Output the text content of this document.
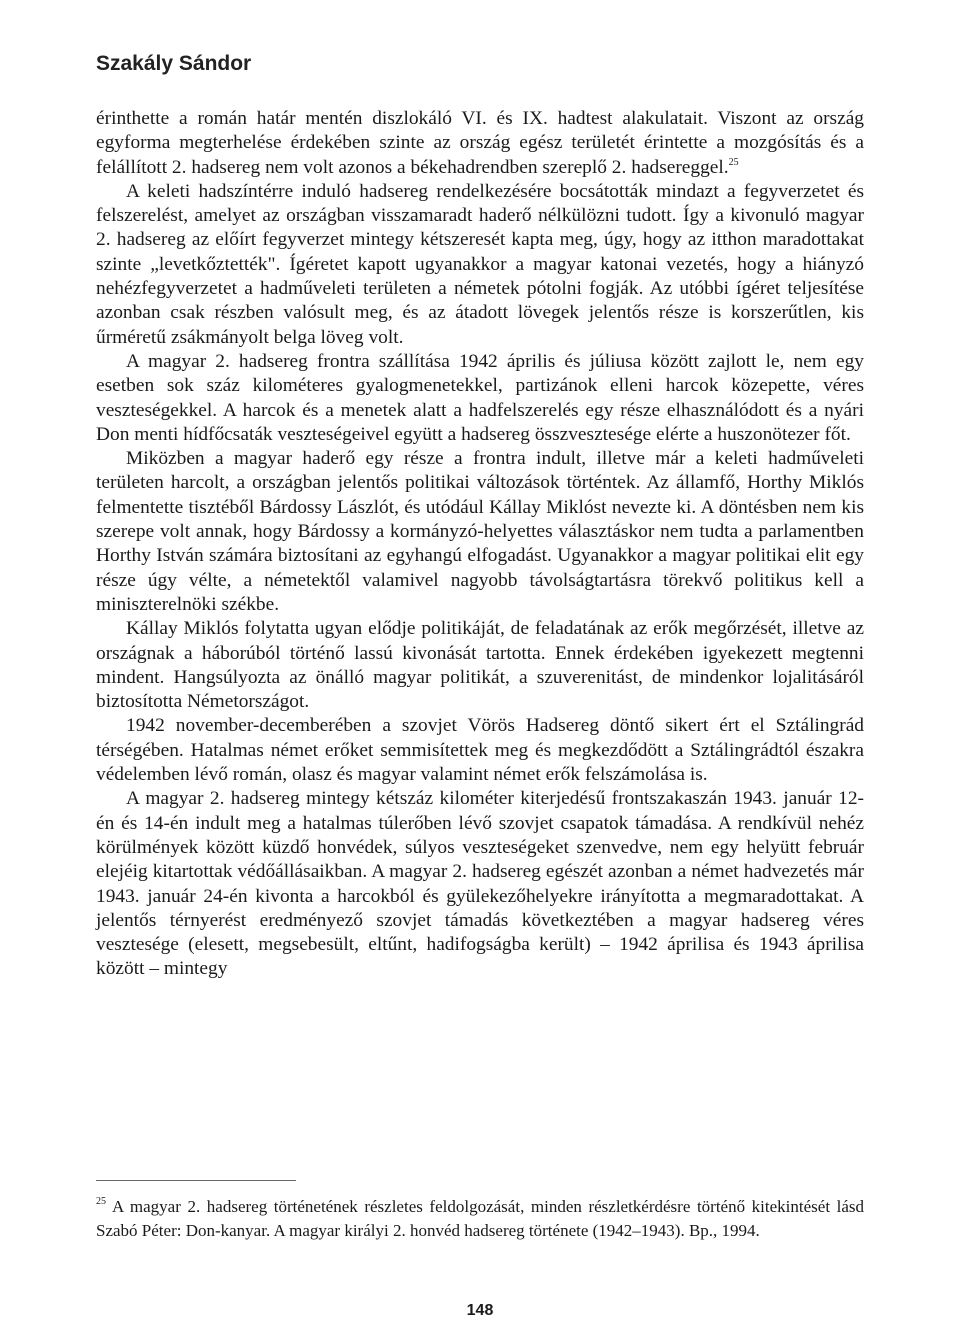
Szakály Sándor

érinthette a román határ mentén diszlokáló VI. és IX. hadtest alakulatait. Viszont az ország egyforma megterhelése érdekében szinte az ország egész területét érintette a mozgósítás és a felállított 2. hadsereg nem volt azonos a békehadrendben szereplő 2. hadsereggel.$^{25}$

A keleti hadszíntérre induló hadsereg rendelkezésére bocsátották mindazt a fegyverzetet és felszerelést, amelyet az országban visszamaradt haderő nélkülözni tudott. Így a kivonuló magyar 2. hadsereg az előírt fegyverzet mintegy kétszeresét kapta meg, úgy, hogy az itthon maradottakat szinte „levetkőztették". Ígéretet kapott ugyanakkor a magyar katonai vezetés, hogy a hiányzó nehézfegyverzetet a hadműveleti területen a németek pótolni fogják. Az utóbbi ígéret teljesítése azonban csak részben valósult meg, és az átadott lövegek jelentős része is korszerűtlen, kis űrméretű zsákmányolt belga löveg volt.

A magyar 2. hadsereg frontra szállítása 1942 április és júliusa között zajlott le, nem egy esetben sok száz kilométeres gyalogmenetekkel, partizánok elleni harcok közepette, véres veszteségekkel. A harcok és a menetek alatt a hadfelszerelés egy része elhasználódott és a nyári Don menti hídfőcsaták veszteségeivel együtt a hadsereg összveszteségе elérte a huszonötezer főt.

Miközben a magyar haderő egy része a frontra indult, illetve már a keleti hadműveleti területen harcolt, a országban jelentős politikai változások történtek. Az államfő, Horthy Miklós felmentette tisztéből Bárdossy Lászlót, és utódául Kállay Miklóst nevezte ki. A döntésben nem kis szerepe volt annak, hogy Bárdossy a kormányzó-helyettes választáskor nem tudta a parlamentben Horthy István számára biztosítani az egyhangú elfogadást. Ugyanakkor a magyar politikai elit egy része úgy vélte, a németektől valamivel nagyobb távolságtartásra törekvő politikus kell a miniszterelnöki székbe.

Kállay Miklós folytatta ugyan elődje politikáját, de feladatának az erők megőrzését, illetve az országnak a háborúból történő lassú kivonását tartotta. Ennek érdekében igyekezett megtenni mindent. Hangsúlyozta az önálló magyar politikát, a szuverenitást, de mindenkor lojalitásáról biztosította Németországot.

1942 november-decemberében a szovjet Vörös Hadsereg döntő sikert ért el Sztálingrád térségében. Hatalmas német erőket semmisítettek meg és megkezdődött a Sztálingrádtól északra védelemben lévő román, olasz és magyar valamint német erők felszámolása is.

A magyar 2. hadsereg mintegy kétszáz kilométer kiterjedésű frontszakaszán 1943. január 12-én és 14-én indult meg a hatalmas túlerőben lévő szovjet csapatok támadása. A rendkívül nehéz körülmények között küzdő honvédek, súlyos veszteségeket szenvedve, nem egy helyütt február elejéig kitartottak védőállásaikban. A magyar 2. hadsereg egészét azonban a német hadvezetés már 1943. január 24-én kivonta a harcokból és gyülekezőhelyekre irányította a megmaradottakat. A jelentős térnyerést eredményező szovjet támadás következtében a magyar hadsereg véres vesztesége (elesett, megsebesült, eltűnt, hadifogságba került) – 1942 áprilisa és 1943 áprilisa között – mintegy

$^{25}$ A magyar 2. hadsereg történetének részletes feldolgozását, minden részletkérdésre történő kitekintését lásd Szabó Péter: Don-kanyar. A magyar királyi 2. honvéd hadsereg története (1942–1943). Bp., 1994.
148
